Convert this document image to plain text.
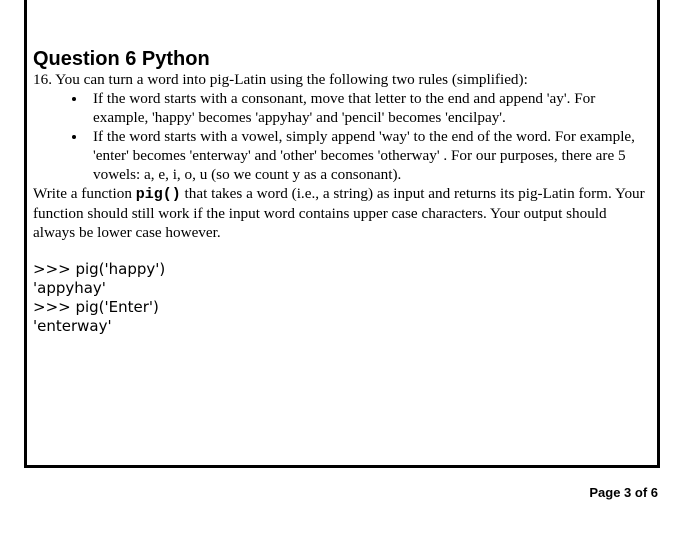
Question 6 Python

16. You can turn a word into pig-Latin using the following two rules (simplified):

• If the word starts with a consonant, move that letter to the end and append 'ay'. For example, 'happy' becomes 'appyhay' and 'pencil' becomes 'encilpay'.
• If the word starts with a vowel, simply append 'way' to the end of the word. For example, 'enter' becomes 'enterway' and 'other' becomes 'otherway' . For our purposes, there are 5 vowels: a, e, i, o, u (so we count y as a consonant).

Write a function pig() that takes a word (i.e., a string) as input and returns its pig-Latin form. Your function should still work if the input word contains upper case characters. Your output should always be lower case however.

>>> pig('happy')
'appyhay'
>>> pig('Enter')
'enterway'
Page 3 of 6
